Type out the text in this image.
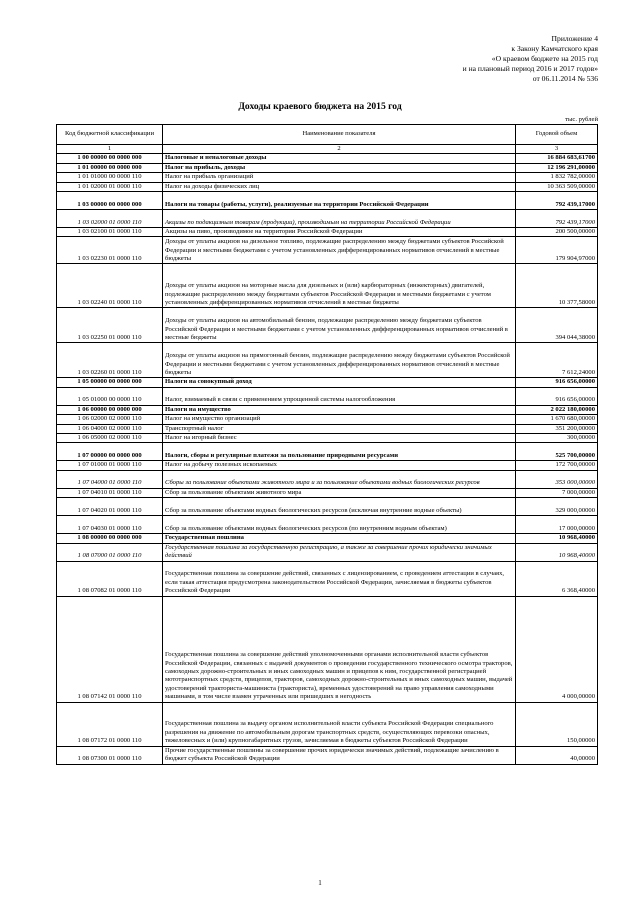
Приложение 4
к Закону Камчатского края
«О краевом бюджете на 2015 год
и на плановый период 2016 и 2017 годов»
от 06.11.2014 № 536
Доходы краевого бюджета на 2015 год
тыс. рублей
Код бюджетной классификации	Наименование показателя	Годовой объем
1	2	3
1 00 00000 00 0000 000	Налоговые и неналоговые доходы	16 884 683,61700
1 01 00000 00 0000 000	Налог на прибыль, доходы	12 196 291,00000
1 01 01000 00 0000 110	Налог на прибыль организаций	1 832 782,00000
1 01 02000 01 0000 110	Налог на доходы физических лиц	10 363 509,00000
1 03 00000 00 0000 000	Налоги на товары (работы, услуги), реализуемые на территории Российской Федерации	792 439,17000
1 03 02000 01 0000 110	Акцизы по подакцизным товарам (продукции), производимым на территории Российской Федерации	792 439,17000
1 03 02100 01 0000 110	Акцизы на пиво, производимое на территории Российской Федерации	200 500,00000
1 03 02230 01 0000 110	Доходы от уплаты акцизов на дизельное топливо, подлежащие распределению между бюджетами субъектов Российской Федерации и местными бюджетами с учетом установленных дифференцированных нормативов отчислений в местные бюджеты	179 904,97000
1 03 02240 01 0000 110	Доходы от уплаты акцизов на моторные масла для дизельных и (или) карбюраторных (инжекторных) двигателей, подлежащие распределению между бюджетами субъектов Российской Федерации и местными бюджетами с учетом установленных дифференцированных нормативов отчислений в местные бюджеты	10 377,58000
1 03 02250 01 0000 110	Доходы от уплаты акцизов на автомобильный бензин, подлежащие распределению между бюджетами субъектов Российской Федерации и местными бюджетами с учетом установленных дифференцированных нормативов отчислений в местные бюджеты	394 044,38000
1 03 02260 01 0000 110	Доходы от уплаты акцизов на прямогонный бензин, подлежащие распределению между бюджетами субъектов Российской Федерации и местными бюджетами с учетом установленных дифференцированных нормативов отчислений в местные бюджеты	7 612,24000
1 05 00000 00 0000 000	Налоги на совокупный доход	916 656,00000
1 05 01000 00 0000 110	Налог, взимаемый в связи с применением упрощенной системы налогообложения	916 656,00000
1 06 00000 00 0000 000	Налоги на имущество	2 022 180,00000
1 06 02000 02 0000 110	Налог на имущество организаций	1 670 680,00000
1 06 04000 02 0000 110	Транспортный налог	351 200,00000
1 06 05000 02 0000 110	Налог на игорный бизнес	300,00000
1 07 00000 00 0000 000	Налоги, сборы и регулярные платежи за пользование природными ресурсами	525 700,00000
1 07 01000 01 0000 110	Налог на добычу полезных ископаемых	172 700,00000
1 07 04000 01 0000 110	Сборы за пользование объектами животного мира и за пользование объектами водных биологических ресурсов	353 000,00000
1 07 04010 01 0000 110	Сбор за пользование объектами животного мира	7 000,00000
1 07 04020 01 0000 110	Сбор за пользование объектами водных биологических ресурсов (исключая внутренние водные объекты)	329 000,00000
1 07 04030 01 0000 110	Сбор за пользование объектами водных биологических ресурсов (по внутренним водным объектам)	17 000,00000
1 08 00000 00 0000 000	Государственная пошлина	10 968,40000
1 08 07000 01 0000 110	Государственная пошлина за государственную регистрацию, а также за совершение прочих юридически значимых действий	10 968,40000
1 08 07082 01 0000 110	Государственная пошлина за совершение действий, связанных с лицензированием, с проведением аттестации в случаях, если такая аттестация предусмотрена законодательством Российской Федерации, зачисляемая в бюджеты субъектов Российской Федерации	6 368,40000
1 08 07142 01 0000 110	Государственная пошлина за совершение действий уполномоченными органами исполнительной власти субъектов Российской Федерации, связанных с выдачей документов о проведении государственного технического осмотра тракторов, самоходных дорожно-строительных и иных самоходных машин и прицепов к ним, государственной регистрацией мототранспортных средств, прицепов, тракторов, самоходных дорожно-строительных и иных самоходных машин, выдачей удостоверений тракториста-машиниста (тракториста), временных удостоверений на право управления самоходными машинами, в том числе взамен утраченных или пришедших в негодность	4 000,00000
1 08 07172 01 0000 110	Государственная пошлина за выдачу органом исполнительной власти субъекта Российской Федерации специального разрешения на движение по автомобильным дорогам транспортных средств, осуществляющих перевозки опасных, тяжеловесных и (или) крупногабаритных грузов, зачисляемая в бюджеты субъектов Российской Федерации	150,00000
1 08 07300 01 0000 110	Прочие государственные пошлины за совершение прочих юридически значимых действий, подлежащие зачислению в бюджет субъекта Российской Федерации	40,00000
1
